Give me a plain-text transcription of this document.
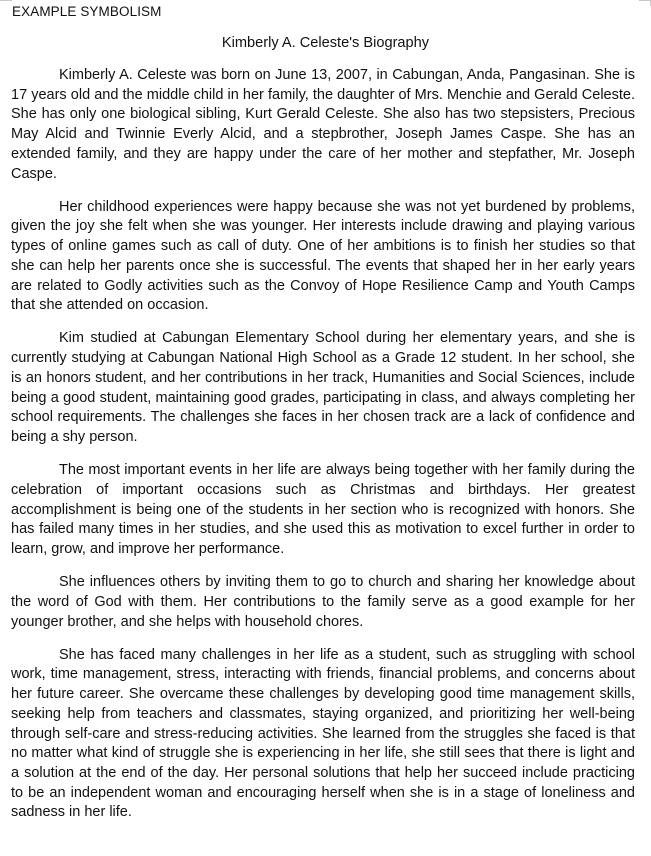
EXAMPLE SYMBOLISM
Kimberly A. Celeste's Biography

Kimberly A. Celeste was born on June 13, 2007, in Cabungan, Anda, Pangasinan. She is 17 years old and the middle child in her family, the daughter of Mrs. Menchie and Gerald Celeste. She has only one biological sibling, Kurt Gerald Celeste. She also has two stepsisters, Precious May Alcid and Twinnie Everly Alcid, and a stepbrother, Joseph James Caspe. She has an extended family, and they are happy under the care of her mother and stepfather, Mr. Joseph Caspe.

Her childhood experiences were happy because she was not yet burdened by problems, given the joy she felt when she was younger. Her interests include drawing and playing various types of online games such as call of duty. One of her ambitions is to finish her studies so that she can help her parents once she is successful. The events that shaped her in her early years are related to Godly activities such as the Convoy of Hope Resilience Camp and Youth Camps that she attended on occasion.

Kim studied at Cabungan Elementary School during her elementary years, and she is currently studying at Cabungan National High School as a Grade 12 student. In her school, she is an honors student, and her contributions in her track, Humanities and Social Sciences, include being a good student, maintaining good grades, participating in class, and always completing her school requirements. The challenges she faces in her chosen track are a lack of confidence and being a shy person.

The most important events in her life are always being together with her family during the celebration of important occasions such as Christmas and birthdays. Her greatest accomplishment is being one of the students in her section who is recognized with honors. She has failed many times in her studies, and she used this as motivation to excel further in order to learn, grow, and improve her performance.

She influences others by inviting them to go to church and sharing her knowledge about the word of God with them. Her contributions to the family serve as a good example for her younger brother, and she helps with household chores.

She has faced many challenges in her life as a student, such as struggling with school work, time management, stress, interacting with friends, financial problems, and concerns about her future career. She overcame these challenges by developing good time management skills, seeking help from teachers and classmates, staying organized, and prioritizing her well-being through self-care and stress-reducing activities. She learned from the struggles she faced is that no matter what kind of struggle she is experiencing in her life, she still sees that there is light and a solution at the end of the day. Her personal solutions that help her succeed include practicing to be an independent woman and encouraging herself when she is in a stage of loneliness and sadness in her life.
